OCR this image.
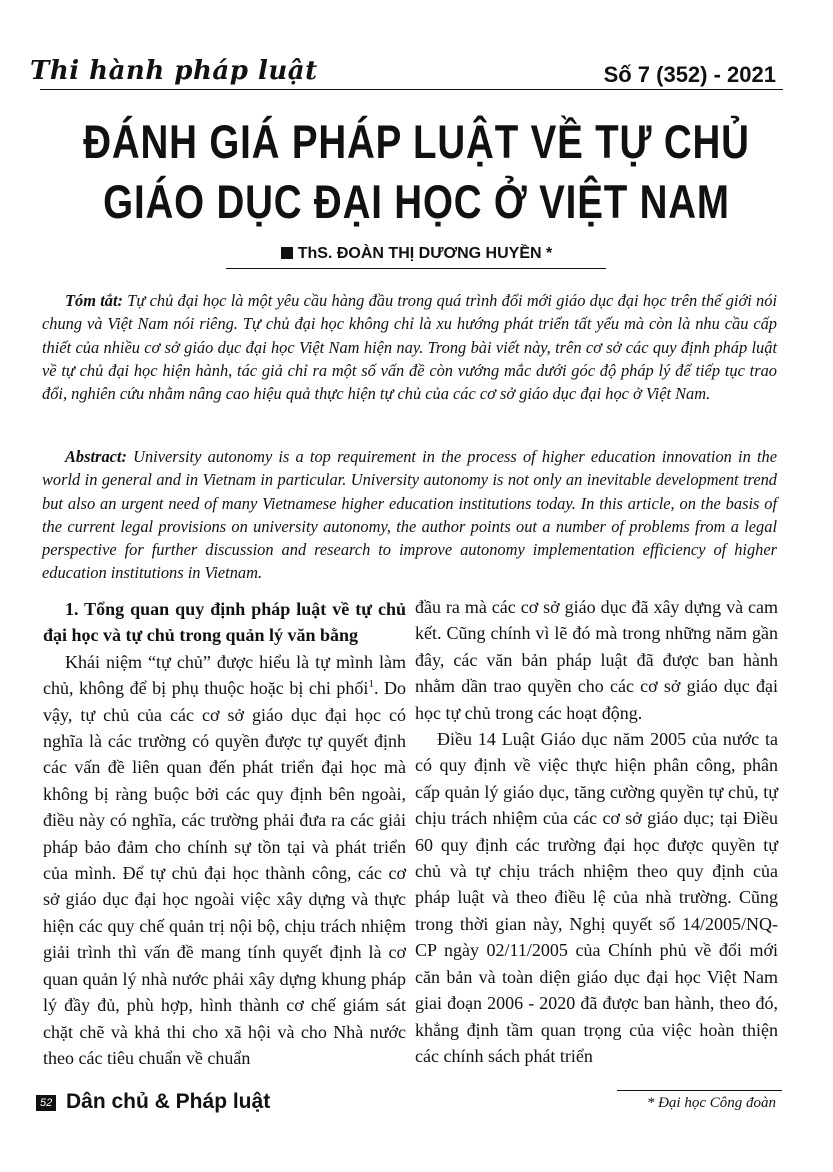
Thi hành pháp luật	Số 7 (352) - 2021
ĐÁNH GIÁ PHÁP LUẬT VỀ TỰ CHỦ
GIÁO DỤC ĐẠI HỌC Ở VIỆT NAM
ThS. ĐOÀN THỊ DƯƠNG HUYỀN *
Tóm tắt: Tự chủ đại học là một yêu cầu hàng đầu trong quá trình đổi mới giáo dục đại học trên thế giới nói chung và Việt Nam nói riêng. Tự chủ đại học không chỉ là xu hướng phát triển tất yếu mà còn là nhu cầu cấp thiết của nhiều cơ sở giáo dục đại học Việt Nam hiện nay. Trong bài viết này, trên cơ sở các quy định pháp luật về tự chủ đại học hiện hành, tác giả chỉ ra một số vấn đề còn vướng mắc dưới góc độ pháp lý để tiếp tục trao đổi, nghiên cứu nhằm nâng cao hiệu quả thực hiện tự chủ của các cơ sở giáo dục đại học ở Việt Nam.
Abstract: University autonomy is a top requirement in the process of higher education innovation in the world in general and in Vietnam in particular. University autonomy is not only an inevitable development trend but also an urgent need of many Vietnamese higher education institutions today. In this article, on the basis of the current legal provisions on university autonomy, the author points out a number of problems from a legal perspective for further discussion and research to improve autonomy implementation efficiency of higher education institutions in Vietnam.
1. Tổng quan quy định pháp luật về tự chủ đại học và tự chủ trong quản lý văn bằng

Khái niệm “tự chủ” được hiểu là tự mình làm chủ, không để bị phụ thuộc hoặc bị chi phối$^1$. Do vậy, tự chủ của các cơ sở giáo dục đại học có nghĩa là các trường có quyền được tự quyết định các vấn đề liên quan đến phát triển đại học mà không bị ràng buộc bởi các quy định bên ngoài, điều này có nghĩa, các trường phải đưa ra các giải pháp bảo đảm cho chính sự tồn tại và phát triển của mình. Để tự chủ đại học thành công, các cơ sở giáo dục đại học ngoài việc xây dựng và thực hiện các quy chế quản trị nội bộ, chịu trách nhiệm giải trình thì vấn đề mang tính quyết định là cơ quan quản lý nhà nước phải xây dựng khung pháp lý đầy đủ, phù hợp, hình thành cơ chế giám sát chặt chẽ và khả thi cho xã hội và cho Nhà nước theo các tiêu chuẩn về chuẩn

đầu ra mà các cơ sở giáo dục đã xây dựng và cam kết. Cũng chính vì lẽ đó mà trong những năm gần đây, các văn bản pháp luật đã được ban hành nhằm dần trao quyền cho các cơ sở giáo dục đại học tự chủ trong các hoạt động.

Điều 14 Luật Giáo dục năm 2005 của nước ta có quy định về việc thực hiện phân công, phân cấp quản lý giáo dục, tăng cường quyền tự chủ, tự chịu trách nhiệm của các cơ sở giáo dục; tại Điều 60 quy định các trường đại học được quyền tự chủ và tự chịu trách nhiệm theo quy định của pháp luật và theo điều lệ của nhà trường. Cũng trong thời gian này, Nghị quyết số 14/2005/NQ-CP ngày 02/11/2005 của Chính phủ về đổi mới căn bản và toàn diện giáo dục đại học Việt Nam giai đoạn 2006 - 2020 đã được ban hành, theo đó, khẳng định tầm quan trọng của việc hoàn thiện các chính sách phát triển

52 Dân chủ & Pháp luật	* Đại học Công đoàn
